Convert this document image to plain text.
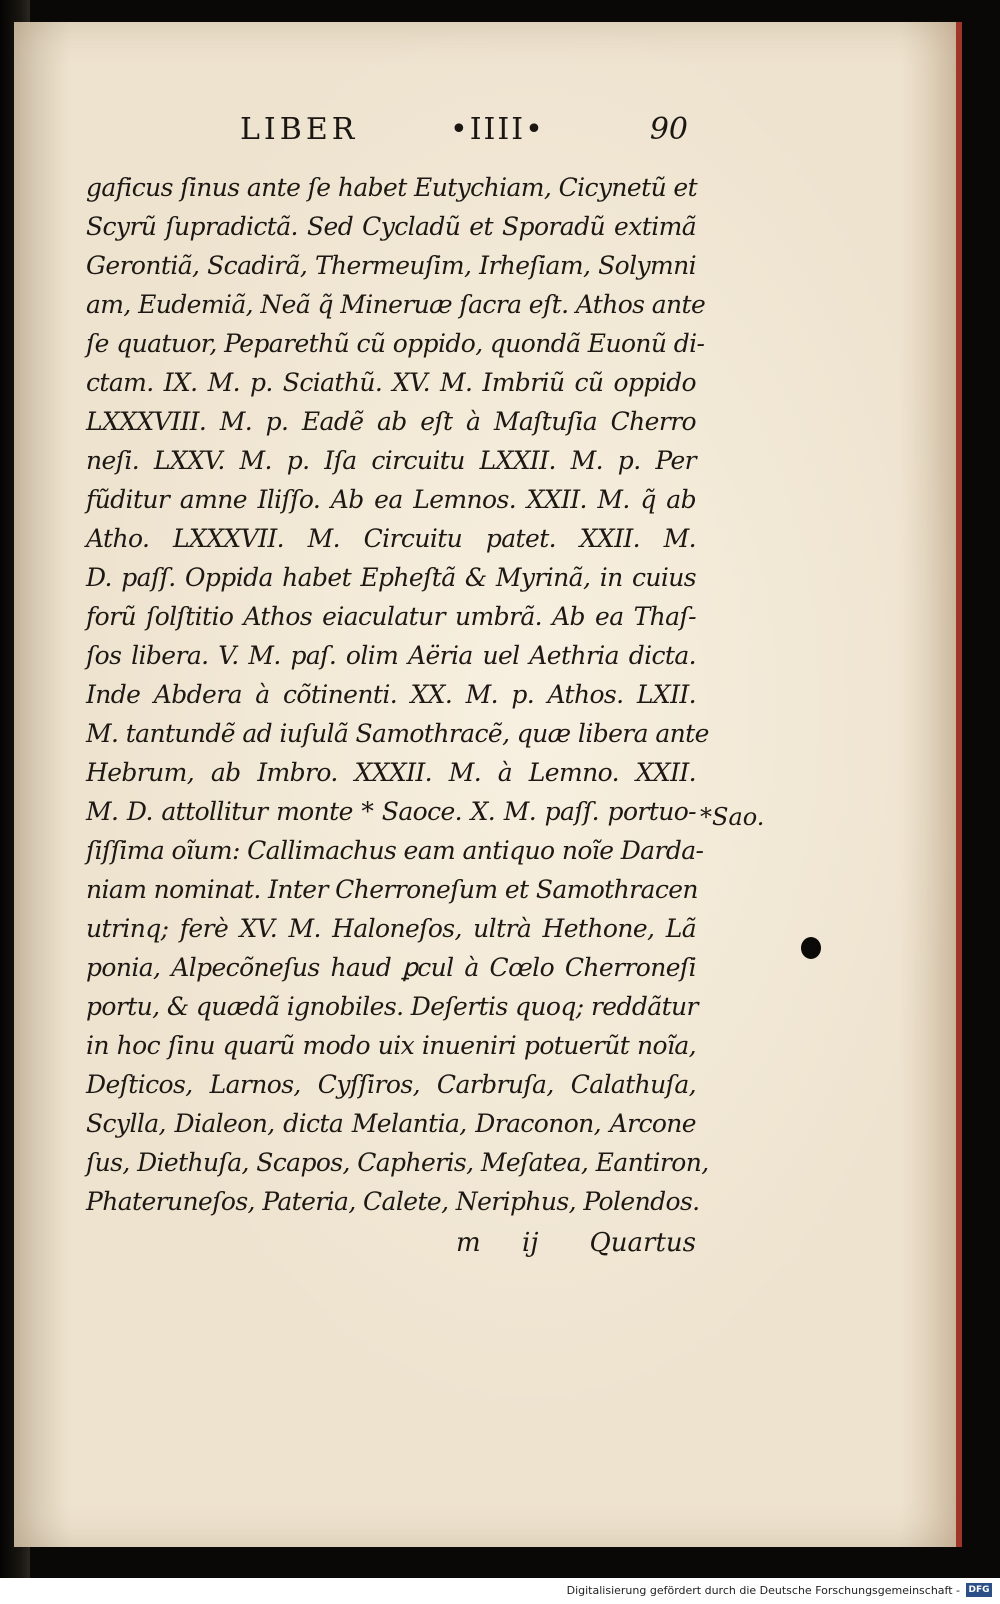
LIBER	•IIII•	90
gaficus ſinus ante ſe habet Eutychiam, Cicynetũ et
Scyrũ ſupradictã. Sed Cycladũ et Sporadũ extimã
Gerontiã, Scadirã, Thermeuſim, Irheſiam, Solymni
am, Eudemiã, Neã q̃ Mineruæ ſacra eſt. Athos ante
ſe quatuor, Peparethũ cũ oppido, quondã Euonũ di-
ctam. IX. M. p. Sciathũ. XV. M. Imbriũ cũ oppido
LXXXVIII. M. p. Eadẽ ab eſt à Maſtuſia Cherro
neſi. LXXV. M. p. Iſa circuitu LXXII. M. p. Per
fũditur amne Iliſſo. Ab ea Lemnos. XXII. M. q̃ ab
Atho. LXXXVII. M. Circuitu patet. XXII. M.
D. paſſ. Oppida habet Epheſtã & Myrinã, in cuius
forũ ſolſtitio Athos eiaculatur umbrã. Ab ea Thaſ-
ſos libera. V. M. paſ. olim Aëria uel Aethria dicta.
Inde Abdera à cõtinenti. XX. M. p. Athos. LXII.
M. tantundẽ ad iuſulã Samothracẽ, quæ libera ante
Hebrum, ab Imbro. XXXII. M. à Lemno. XXII.
M. D. attollitur monte * Saoce. X. M. paſſ. portuo-
ſiſſima oĩum: Callimachus eam antiquo noĩe Darda-
niam nominat. Inter Cherroneſum et Samothracen
utrinq; ferè XV. M. Haloneſos, ultrà Hethone, Lã
ponia, Alpecõneſus haud ꝑcul à Cœlo Cherroneſi
portu, & quædã ignobiles. Deſertis quoq; reddãtur
in hoc ſinu quarũ modo uix inueniri potuerũt noĩa,
Deſticos, Larnos, Cyſſiros, Carbruſa, Calathuſa,
Scylla, Dialeon, dicta Melantia, Draconon, Arcone
ſus, Diethuſa, Scapos, Capheris, Meſatea, Eantiron,
Phateruneſos, Pateria, Calete, Neriphus, Polendos.
m ij Quartus
*Sao.
Digitalisierung gefördert durch die Deutsche Forschungsgemeinschaft - DFG
